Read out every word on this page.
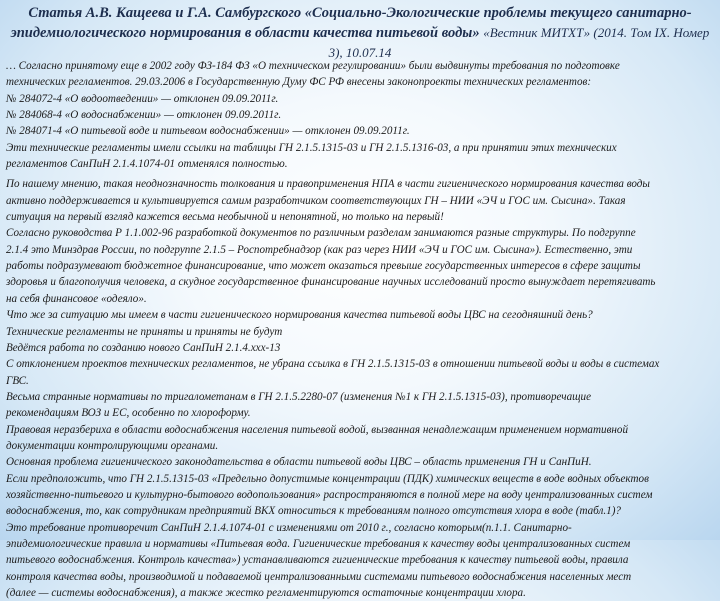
Статья А.В. Кащеева и Г.А. Самбургского «Социально-Экологические проблемы текущего санитарно-эпидемиологического нормирования в области качества питьевой воды» «Вестник МИТХТ» (2014. Том IX. Номер 3), 10.07.14
… Согласно принятому еще в 2002 году ФЗ-184 ФЗ «О техническом регулировании» были выдвинуты требования по подготовке
технических регламентов. 29.03.2006 в Государственную Думу ФС РФ внесены законопроекты технических регламентов:
№ 284072-4 «О водоотведении» — отклонен 09.09.2011г.
№ 284068-4 «О водоснабжении» — отклонен 09.09.2011г.
№ 284071-4 «О питьевой воде и питьевом водоснабжении» — отклонен 09.09.2011г.
Эти технические регламенты имели ссылки на таблицы ГН 2.1.5.1315-03 и ГН 2.1.5.1316-03, а при принятии этих технических
регламентов СанПиН 2.1.4.1074-01 отменялся полностью.
По нашему мнению, такая неоднозначность толкования и правоприменения НПА в части гигиенического нормирования качества воды
активно поддерживается и культивируется самим разработчиком соответствующих ГН – НИИ «ЭЧ и ГОС им. Сысина». Такая
ситуация на первый взгляд кажется весьма необычной и непонятной, но только на первый!
Согласно руководства Р 1.1.002-96 разработкой документов по различным разделам занимаются разные структуры. По подгруппе
2.1.4 это Минздрав России, по подгруппе 2.1.5 – Роспотребнадзор (как раз через НИИ «ЭЧ и ГОС им. Сысина»). Естественно, эти
работы подразумевают бюджетное финансирование, что может оказаться превыше государственных интересов в сфере защиты
здоровья и благополучия человека, а скудное государственное финансирование научных исследований просто вынуждает перетягивать
на себя финансовое «одеяло».
Что же за ситуацию мы имеем в части гигиенического нормирования качества питьевой воды ЦВС на сегодняшний день?
Технические регламенты не приняты и приняты не будут
Ведётся работа по созданию нового СанПиН 2.1.4.ххх-13
С отклонением проектов технических регламентов, не убрана ссылка в ГН 2.1.5.1315-03 в отношении питьевой воды и воды в системах
ГВС.
Весьма странные нормативы по тригалометанам в ГН 2.1.5.2280-07 (изменения №1 к ГН 2.1.5.1315-03), противоречащие
рекомендациям ВОЗ и ЕС, особенно по хлороформу.
Правовая неразбериха в области водоснабжения населения питьевой водой, вызванная ненадлежащим применением нормативной
документации контролирующими органами.
Основная проблема гигиенического законодательства в области питьевой воды ЦВС – область применения ГН и СанПиН.
Если предположить, что ГН 2.1.5.1315-03 «Предельно допустимые концентрации (ПДК) химических веществ в воде водных объектов
хозяйственно-питьевого и культурно-бытового водопользования» распространяются в полной мере на воду централизованных систем
водоснабжения, то, как сотрудникам предприятий ВКХ относиться к требованиям полного отсутствия хлора в воде (табл.1)?
Это требование противоречит СанПиН 2.1.4.1074-01 с изменениями от 2010 г., согласно которым(п.1.1. Санитарно-
эпидемиологические правила и нормативы «Питьевая вода. Гигиенические требования к качеству воды централизованных систем
питьевого водоснабжения. Контроль качества») устанавливаются гигиенические требования к качеству питьевой воды, правила
контроля качества воды, производимой и подаваемой централизованными системами питьевого водоснабжения населенных мест
(далее — системы водоснабжения), а также жестко регламентируются остаточные концентрации хлора.
